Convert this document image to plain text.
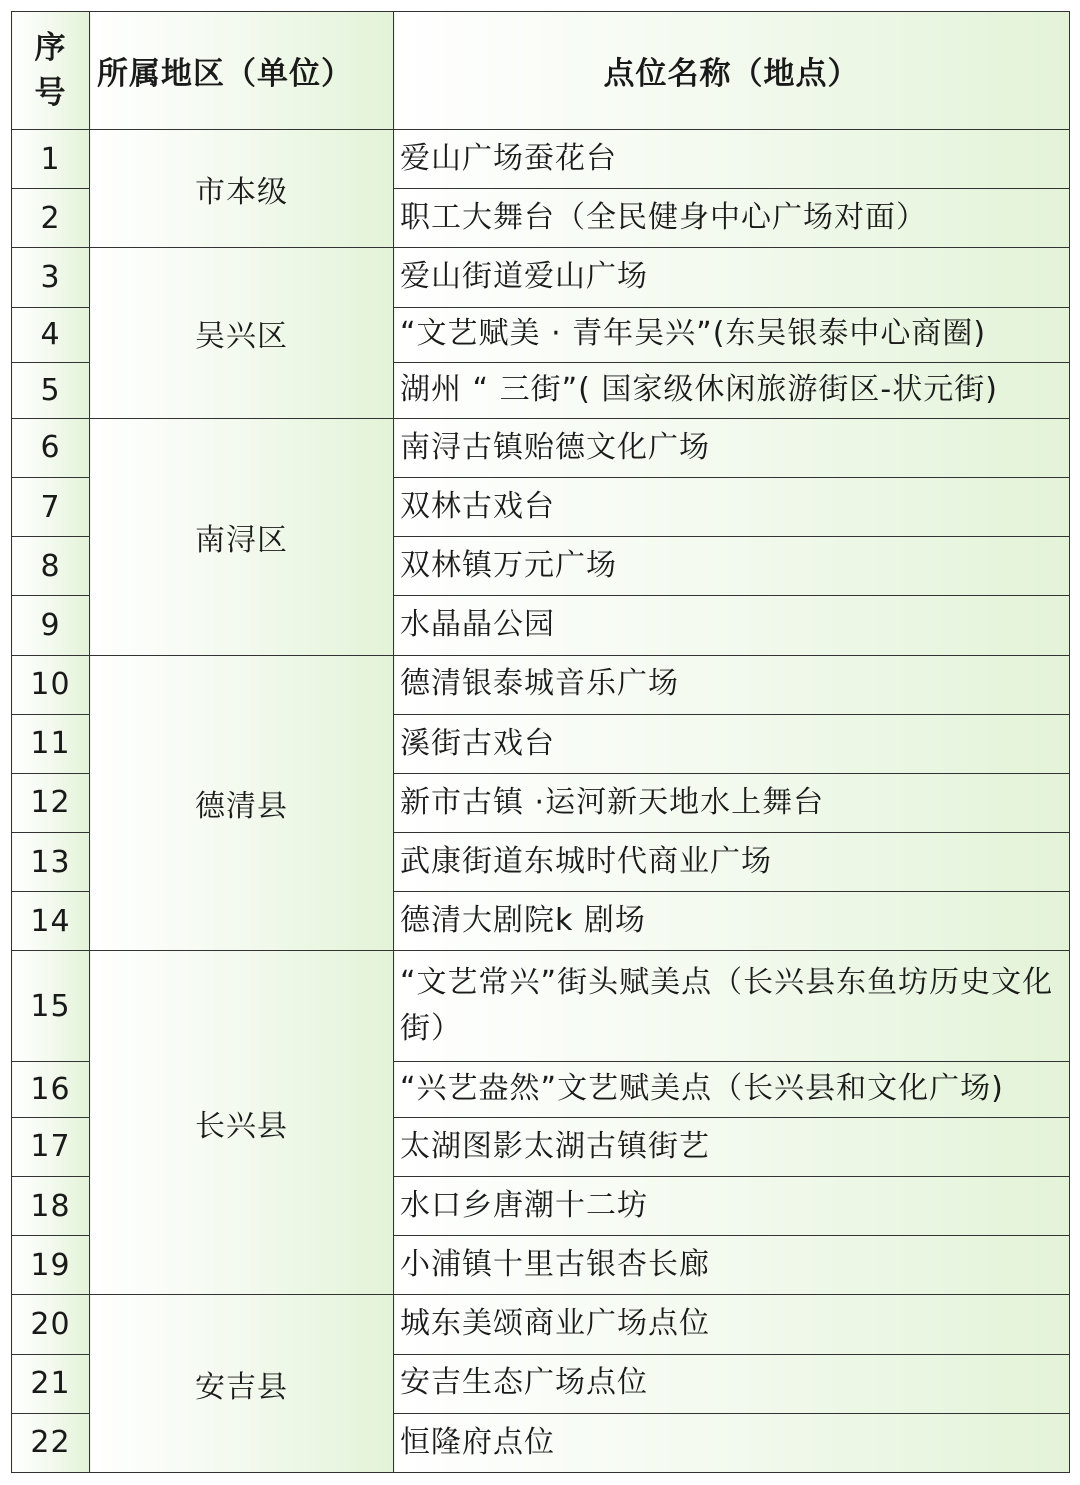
序号	所属地区（单位）	点位名称（地点）
1	市本级	爱山广场蚕花台
2		职工大舞台（全民健身中心广场对面）
3	吴兴区	爱山街道爱山广场
4		“文艺赋美 · 青年吴兴”(东吴银泰中心商圈)
5		湖州 “ 三街”( 国家级休闲旅游街区-状元街)
6	南浔区	南浔古镇贻德文化广场
7		双林古戏台
8		双林镇万元广场
9		水晶晶公园
10	德清县	德清银泰城音乐广场
11		溪街古戏台
12		新市古镇 ·运河新天地水上舞台
13		武康街道东城时代商业广场
14		德清大剧院k 剧场
15	长兴县	“文艺常兴”街头赋美点（长兴县东鱼坊历史文化街）
16		“兴艺盎然”文艺赋美点（长兴县和文化广场)
17		太湖图影太湖古镇街艺
18		水口乡唐潮十二坊
19		小浦镇十里古银杏长廊
20	安吉县	城东美颂商业广场点位
21		安吉生态广场点位
22		恒隆府点位
